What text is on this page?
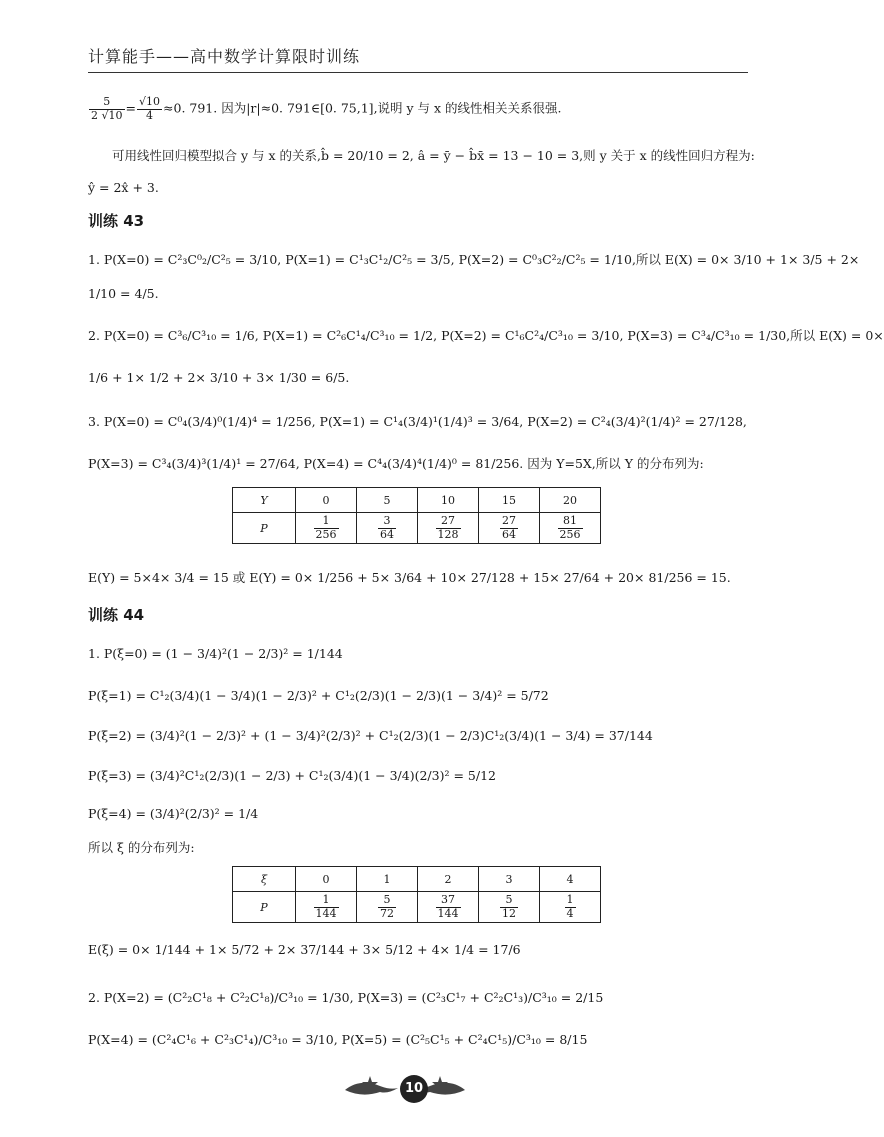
计算能手——高中数学计算限时训练
$\frac{5}{2 √10} = \frac{√10}{4} \approx 0$. 791. 因为|r|≈0. 791∈[0. 75,1],说明 y 与 x 的线性相关关系很强.
可用线性回归模型拟合 y 与 x 的关系,b̂ = 20/10 = 2, â = ȳ − b̂x̄ = 13 − 10 = 3,则 y 关于 x 的线性回归方程为:
ŷ = 2x̂ + 3.
训练 43
1. P(X=0) = C²₃C⁰₂/C²₅ = 3/10, P(X=1) = C¹₃C¹₂/C²₅ = 3/5, P(X=2) = C⁰₃C²₂/C²₅ = 1/10,所以 E(X) = 0× 3/10 + 1× 3/5 + 2×
1/10 = 4/5.
2. P(X=0) = C³₆/C³₁₀ = 1/6, P(X=1) = C²₆C¹₄/C³₁₀ = 1/2, P(X=2) = C¹₆C²₄/C³₁₀ = 3/10, P(X=3) = C³₄/C³₁₀ = 1/30,所以 E(X) = 0×
1/6 + 1× 1/2 + 2× 3/10 + 3× 1/30 = 6/5.
3. P(X=0) = C⁰₄(3/4)⁰(1/4)⁴ = 1/256, P(X=1) = C¹₄(3/4)¹(1/4)³ = 3/64, P(X=2) = C²₄(3/4)²(1/4)² = 27/128,
P(X=3) = C³₄(3/4)³(1/4)¹ = 27/64, P(X=4) = C⁴₄(3/4)⁴(1/4)⁰ = 81/256. 因为 Y=5X,所以 Y 的分布列为:
Y	0	5	10	15	20
P	$\frac{1}{256}$	$\frac{3}{64}$	$\frac{27}{128}$	$\frac{27}{64}$	$\frac{81}{256}$
E(Y) = 5×4× 3/4 = 15 或 E(Y) = 0× 1/256 + 5× 3/64 + 10× 27/128 + 15× 27/64 + 20× 81/256 = 15.
训练 44
1. P(ξ=0) = (1 − 3/4)²(1 − 2/3)² = 1/144
P(ξ=1) = C¹₂(3/4)(1 − 3/4)(1 − 2/3)² + C¹₂(2/3)(1 − 2/3)(1 − 3/4)² = 5/72
P(ξ=2) = (3/4)²(1 − 2/3)² + (1 − 3/4)²(2/3)² + C¹₂(2/3)(1 − 2/3)C¹₂(3/4)(1 − 3/4) = 37/144
P(ξ=3) = (3/4)²C¹₂(2/3)(1 − 2/3) + C¹₂(3/4)(1 − 3/4)(2/3)² = 5/12
P(ξ=4) = (3/4)²(2/3)² = 1/4
所以 ξ 的分布列为:
ξ	0	1	2	3	4
P	$\frac{1}{144}$	$\frac{5}{72}$	$\frac{37}{144}$	$\frac{5}{12}$	$\frac{1}{4}$
E(ξ) = 0× 1/144 + 1× 5/72 + 2× 37/144 + 3× 5/12 + 4× 1/4 = 17/6
2. P(X=2) = (C²₂C¹₈ + C²₂C¹₈)/C³₁₀ = 1/30, P(X=3) = (C²₃C¹₇ + C²₂C¹₃)/C³₁₀ = 2/15
P(X=4) = (C²₄C¹₆ + C²₃C¹₄)/C³₁₀ = 3/10, P(X=5) = (C²₅C¹₅ + C²₄C¹₅)/C³₁₀ = 8/15
10
